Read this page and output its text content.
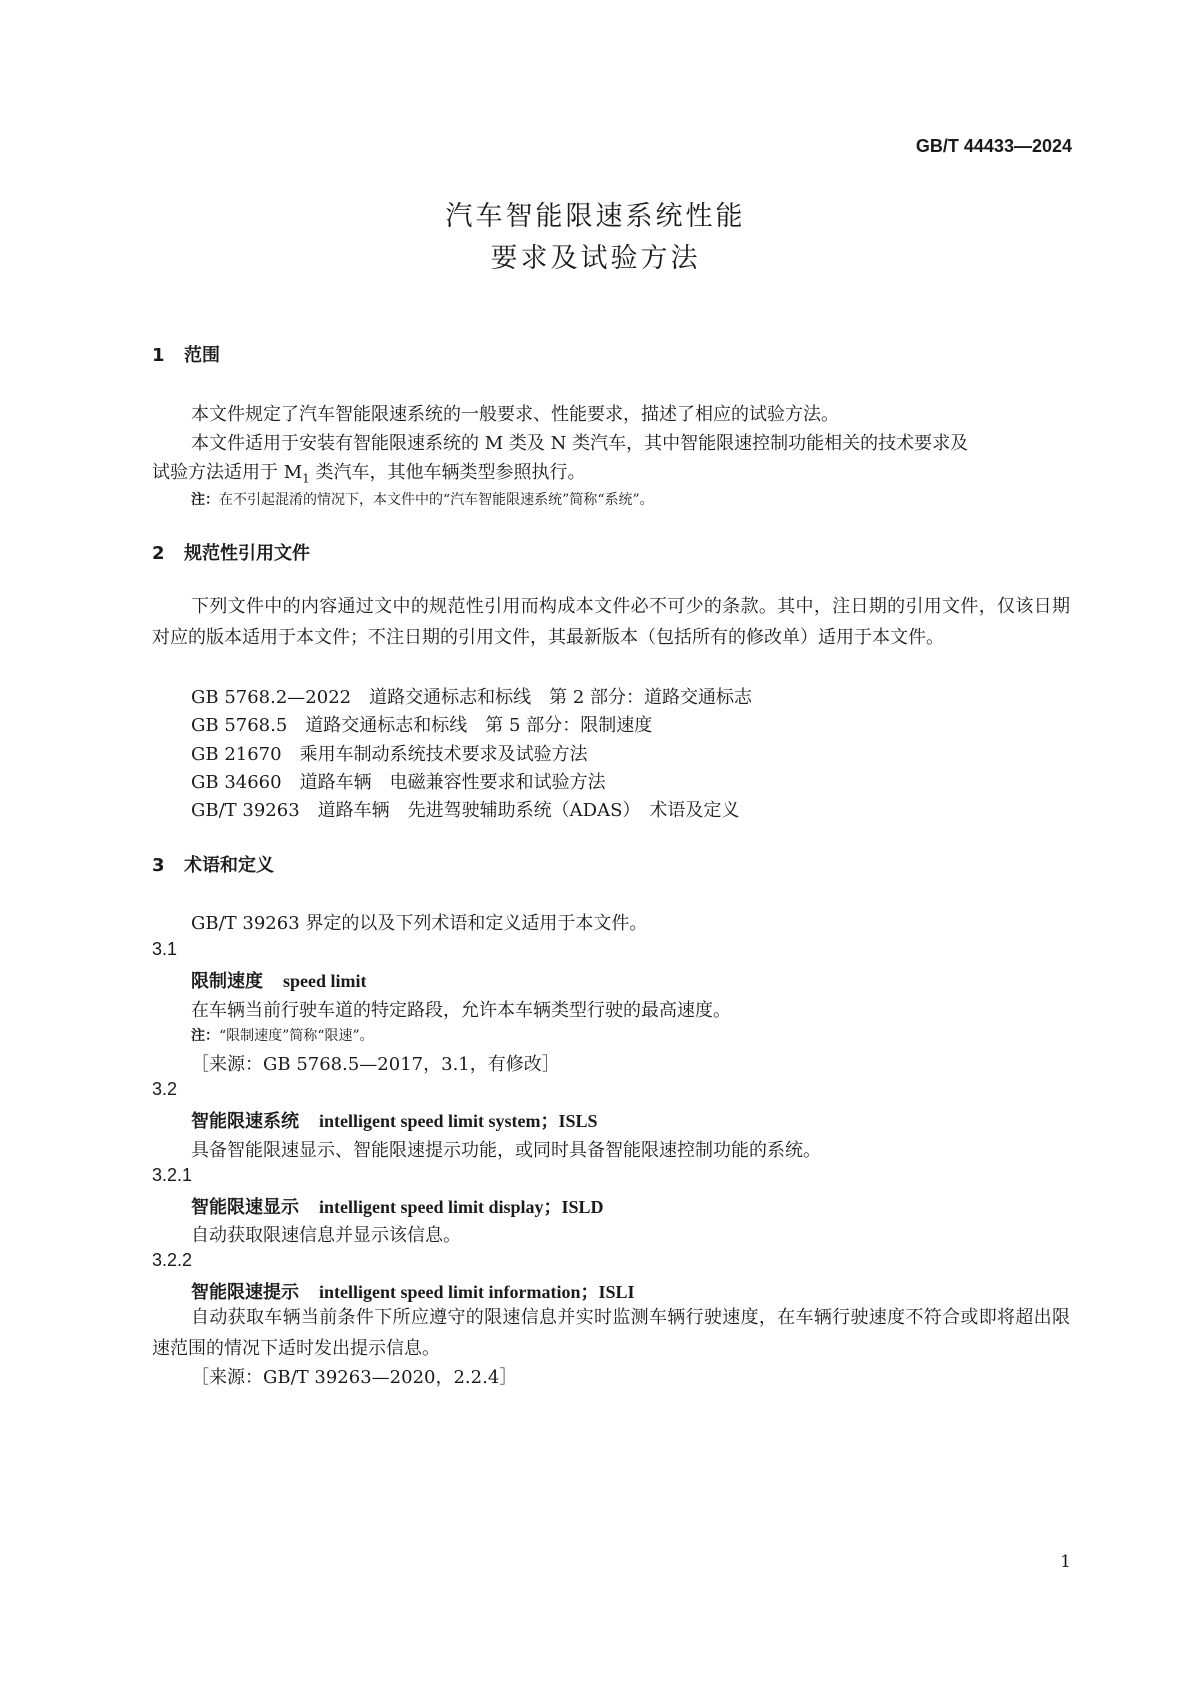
GB/T 44433—2024
汽车智能限速系统性能
要求及试验方法
1 范围
本文件规定了汽车智能限速系统的一般要求、性能要求，描述了相应的试验方法。
本文件适用于安装有智能限速系统的 M 类及 N 类汽车，其中智能限速控制功能相关的技术要求及
试验方法适用于 $M_1$ 类汽车，其他车辆类型参照执行。
注：在不引起混淆的情况下，本文件中的“汽车智能限速系统”简称“系统”。
2 规范性引用文件
下列文件中的内容通过文中的规范性引用而构成本文件必不可少的条款。其中，注日期的引用文件，仅该日期对应的版本适用于本文件；不注日期的引用文件，其最新版本（包括所有的修改单）适用于本文件。
GB 5768.2—2022　道路交通标志和标线　第 2 部分：道路交通标志
GB 5768.5　道路交通标志和标线　第 5 部分：限制速度
GB 21670　乘用车制动系统技术要求及试验方法
GB 34660　道路车辆　电磁兼容性要求和试验方法
GB/T 39263　道路车辆　先进驾驶辅助系统（ADAS）　术语及定义
3 术语和定义
GB/T 39263 界定的以及下列术语和定义适用于本文件。
3.1
限制速度 speed limit
在车辆当前行驶车道的特定路段，允许本车辆类型行驶的最高速度。
注：“限制速度”简称“限速”。
［来源：GB 5768.5—2017，3.1，有修改］
3.2
智能限速系统 intelligent speed limit system；ISLS
具备智能限速显示、智能限速提示功能，或同时具备智能限速控制功能的系统。
3.2.1
智能限速显示 intelligent speed limit display；ISLD
自动获取限速信息并显示该信息。
3.2.2
智能限速提示 intelligent speed limit information；ISLI
自动获取车辆当前条件下所应遵守的限速信息并实时监测车辆行驶速度，在车辆行驶速度不符合或即将超出限速范围的情况下适时发出提示信息。
［来源：GB/T 39263—2020，2.2.4］
1
